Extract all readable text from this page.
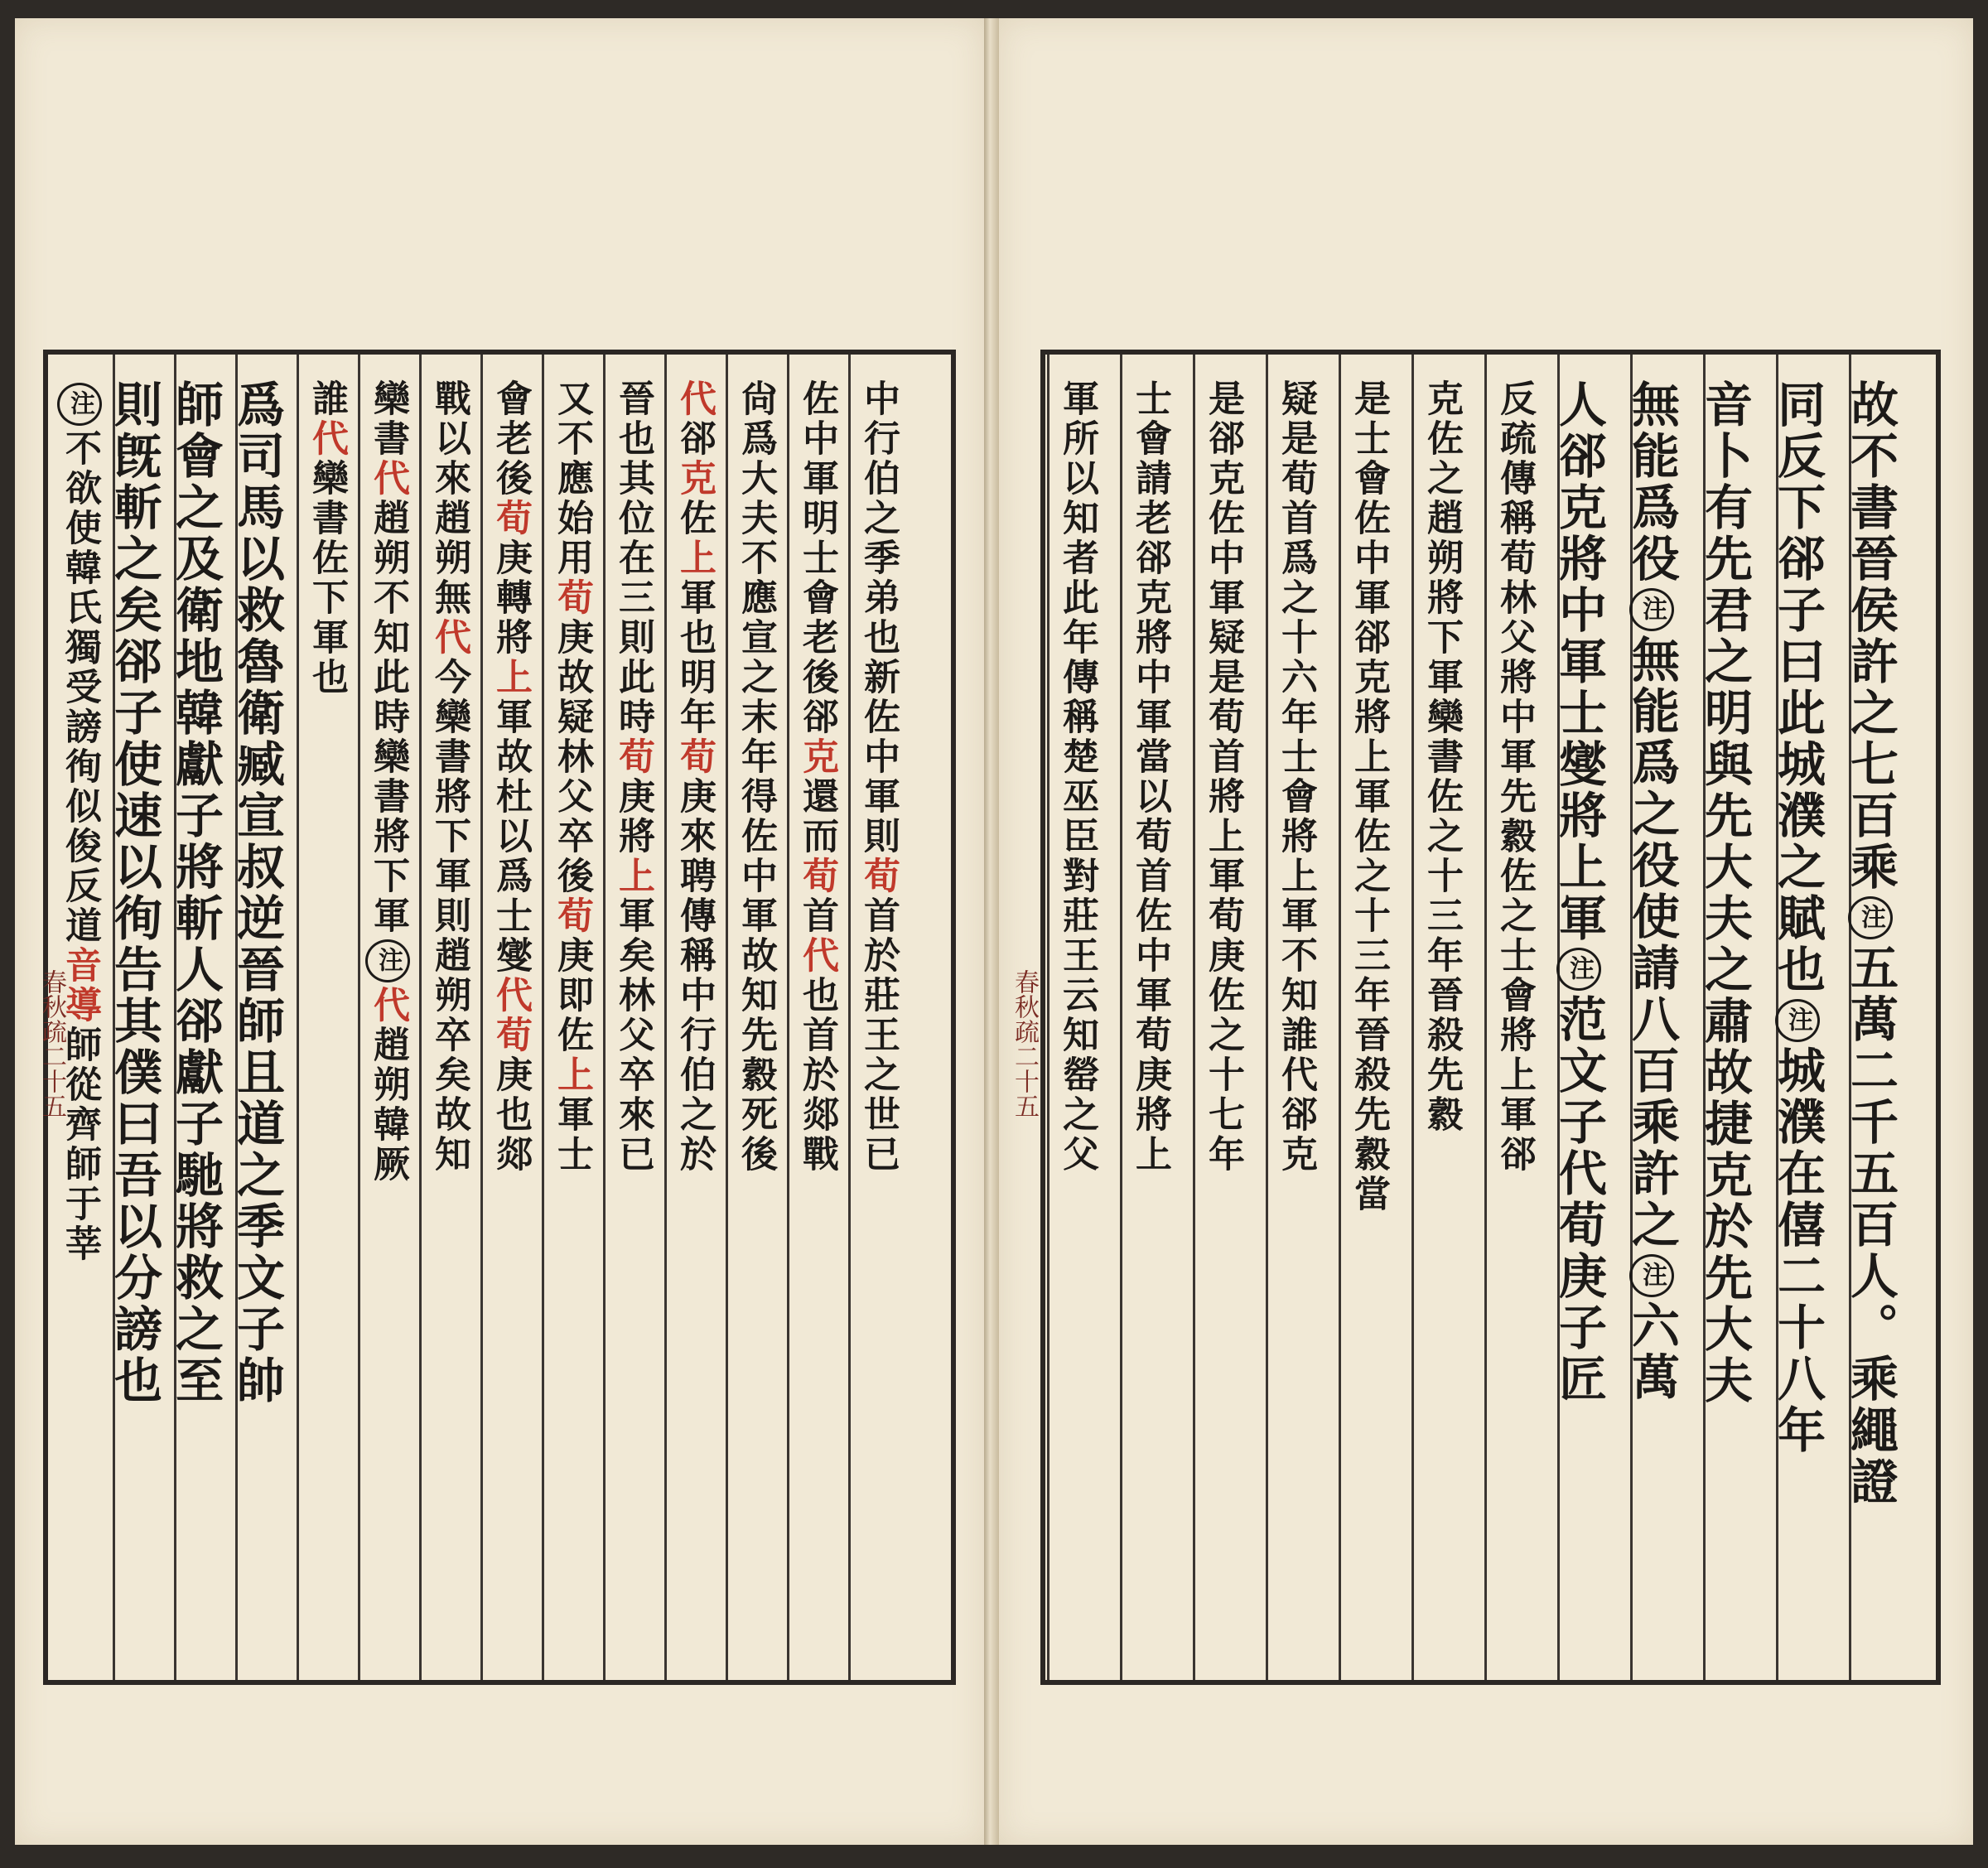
則旣斬之矣郤子使速以徇告其僕曰吾以分謗也 師會之及衛地韓獻子將斬人郤獻子馳將救之至 爲司馬以救魯衛臧宣叔逆晉師且道之季文子帥 誰代欒書佐下軍也
欒書代趙朔不知此時欒書將下軍注代趙朔韓厥
戰以來趙朔無代今欒書將下軍則趙朔卒矣故知
會老後荀庚轉將上軍故杜以爲士燮代荀庚也郯
又不應始用荀庚故疑林父卒後荀庚即佐上軍士
晉也其位在三則此時荀庚將上軍矣林父卒來已
代郤克佐上軍也明年荀庚來聘傳稱中行伯之於 尙爲大夫不應宣之末年得佐中軍故知先縠死後 佐中軍明士會老後郤克還而荀首代也首於郯戰
中行伯之季弟也新佐中軍則荀首於莊王之世已
注不欲使韓氏獨受謗徇似俊反道音導師從齊師于莘	軍所以知者此年傳稱楚巫臣對莊王云知罃之父 士會請老郤克將中軍當以荀首佐中軍荀庚將上 是郤克佐中軍疑是荀首將上軍荀庚佐之十七年 疑是荀首爲之十六年士會將上軍不知誰代郤克 是士會佐中軍郤克將上軍佐之十三年晉殺先縠當 克佐之趙朔將下軍欒書佐之十三年晉殺先縠 反疏傳稱荀林父將中軍先縠佐之士會將上軍郤 人郤克將中軍士燮將上軍注范文子代荀庚子匠
無能爲役注無能爲之役使請八百乘許之注六萬 音卜有先君之明與先大夫之肅故捷克於先大夫 同反下郤子曰此城濮之賦也注城濮在僖二十八年
故不書晉侯許之七百乘注五萬二千五百人。乘繩證
春秋疏二十五	春秋疏二十五
